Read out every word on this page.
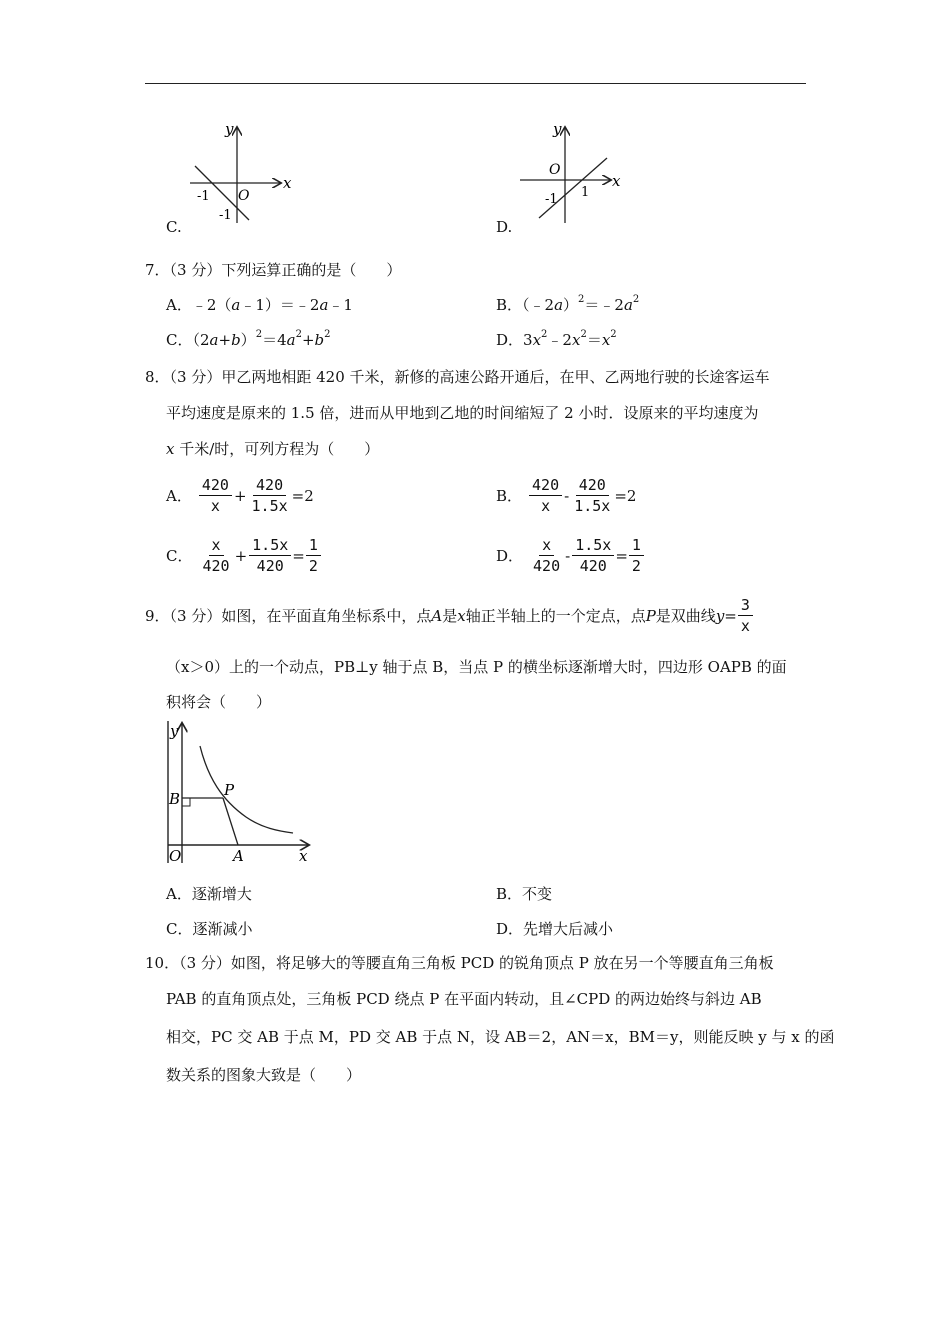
y
x
O
-1
-1
C.
y
x
O
-1 1
D.
7．（3 分）下列运算正确的是（　　）
A．﹣2（a﹣1）＝﹣2a﹣1	B．$(﹣2a)^2=﹣2a^2$
C．$(2a+b)^2=4a^2+b^2$	D．$3x^2﹣2x^2=x^2$
8．（3 分）甲乙两地相距 420 千米，新修的高速公路开通后，在甲、乙两地行驶的长途客运车
平均速度是原来的 1.5 倍，进而从甲地到乙地的时间缩短了 2 小时．设原来的平均速度为
x 千米/时，可列方程为（　　）
A． $\frac{420}{x} + \frac{420}{1.5x} =2$	B． $\frac{420}{x} - \frac{420}{1.5x} =2$
C． $\frac{x}{420} + \frac{1.5x}{420} = \frac{1}{2}$	D． $\frac{x}{420} - \frac{1.5x}{420} = \frac{1}{2}$
9．（3 分）如图，在平面直角坐标系中，点 A 是 x 轴正半轴上的一个定点，点 P 是双曲线 $y = \frac{3}{x}$
（x＞0）上的一个动点，PB⊥y 轴于点 B，当点 P 的横坐标逐渐增大时，四边形 OAPB 的面
积将会（　　）
y
x
O
B	P
A
A．逐渐增大	B．不变
C．逐渐减小	D．先增大后减小
10．（3 分）如图，将足够大的等腰直角三角板 PCD 的锐角顶点 P 放在另一个等腰直角三角板
PAB 的直角顶点处，三角板 PCD 绕点 P 在平面内转动，且∠CPD 的两边始终与斜边 AB
相交，PC 交 AB 于点 M，PD 交 AB 于点 N，设 AB＝2，AN＝x，BM＝y，则能反映 y 与 x 的函
数关系的图象大致是（　　）
